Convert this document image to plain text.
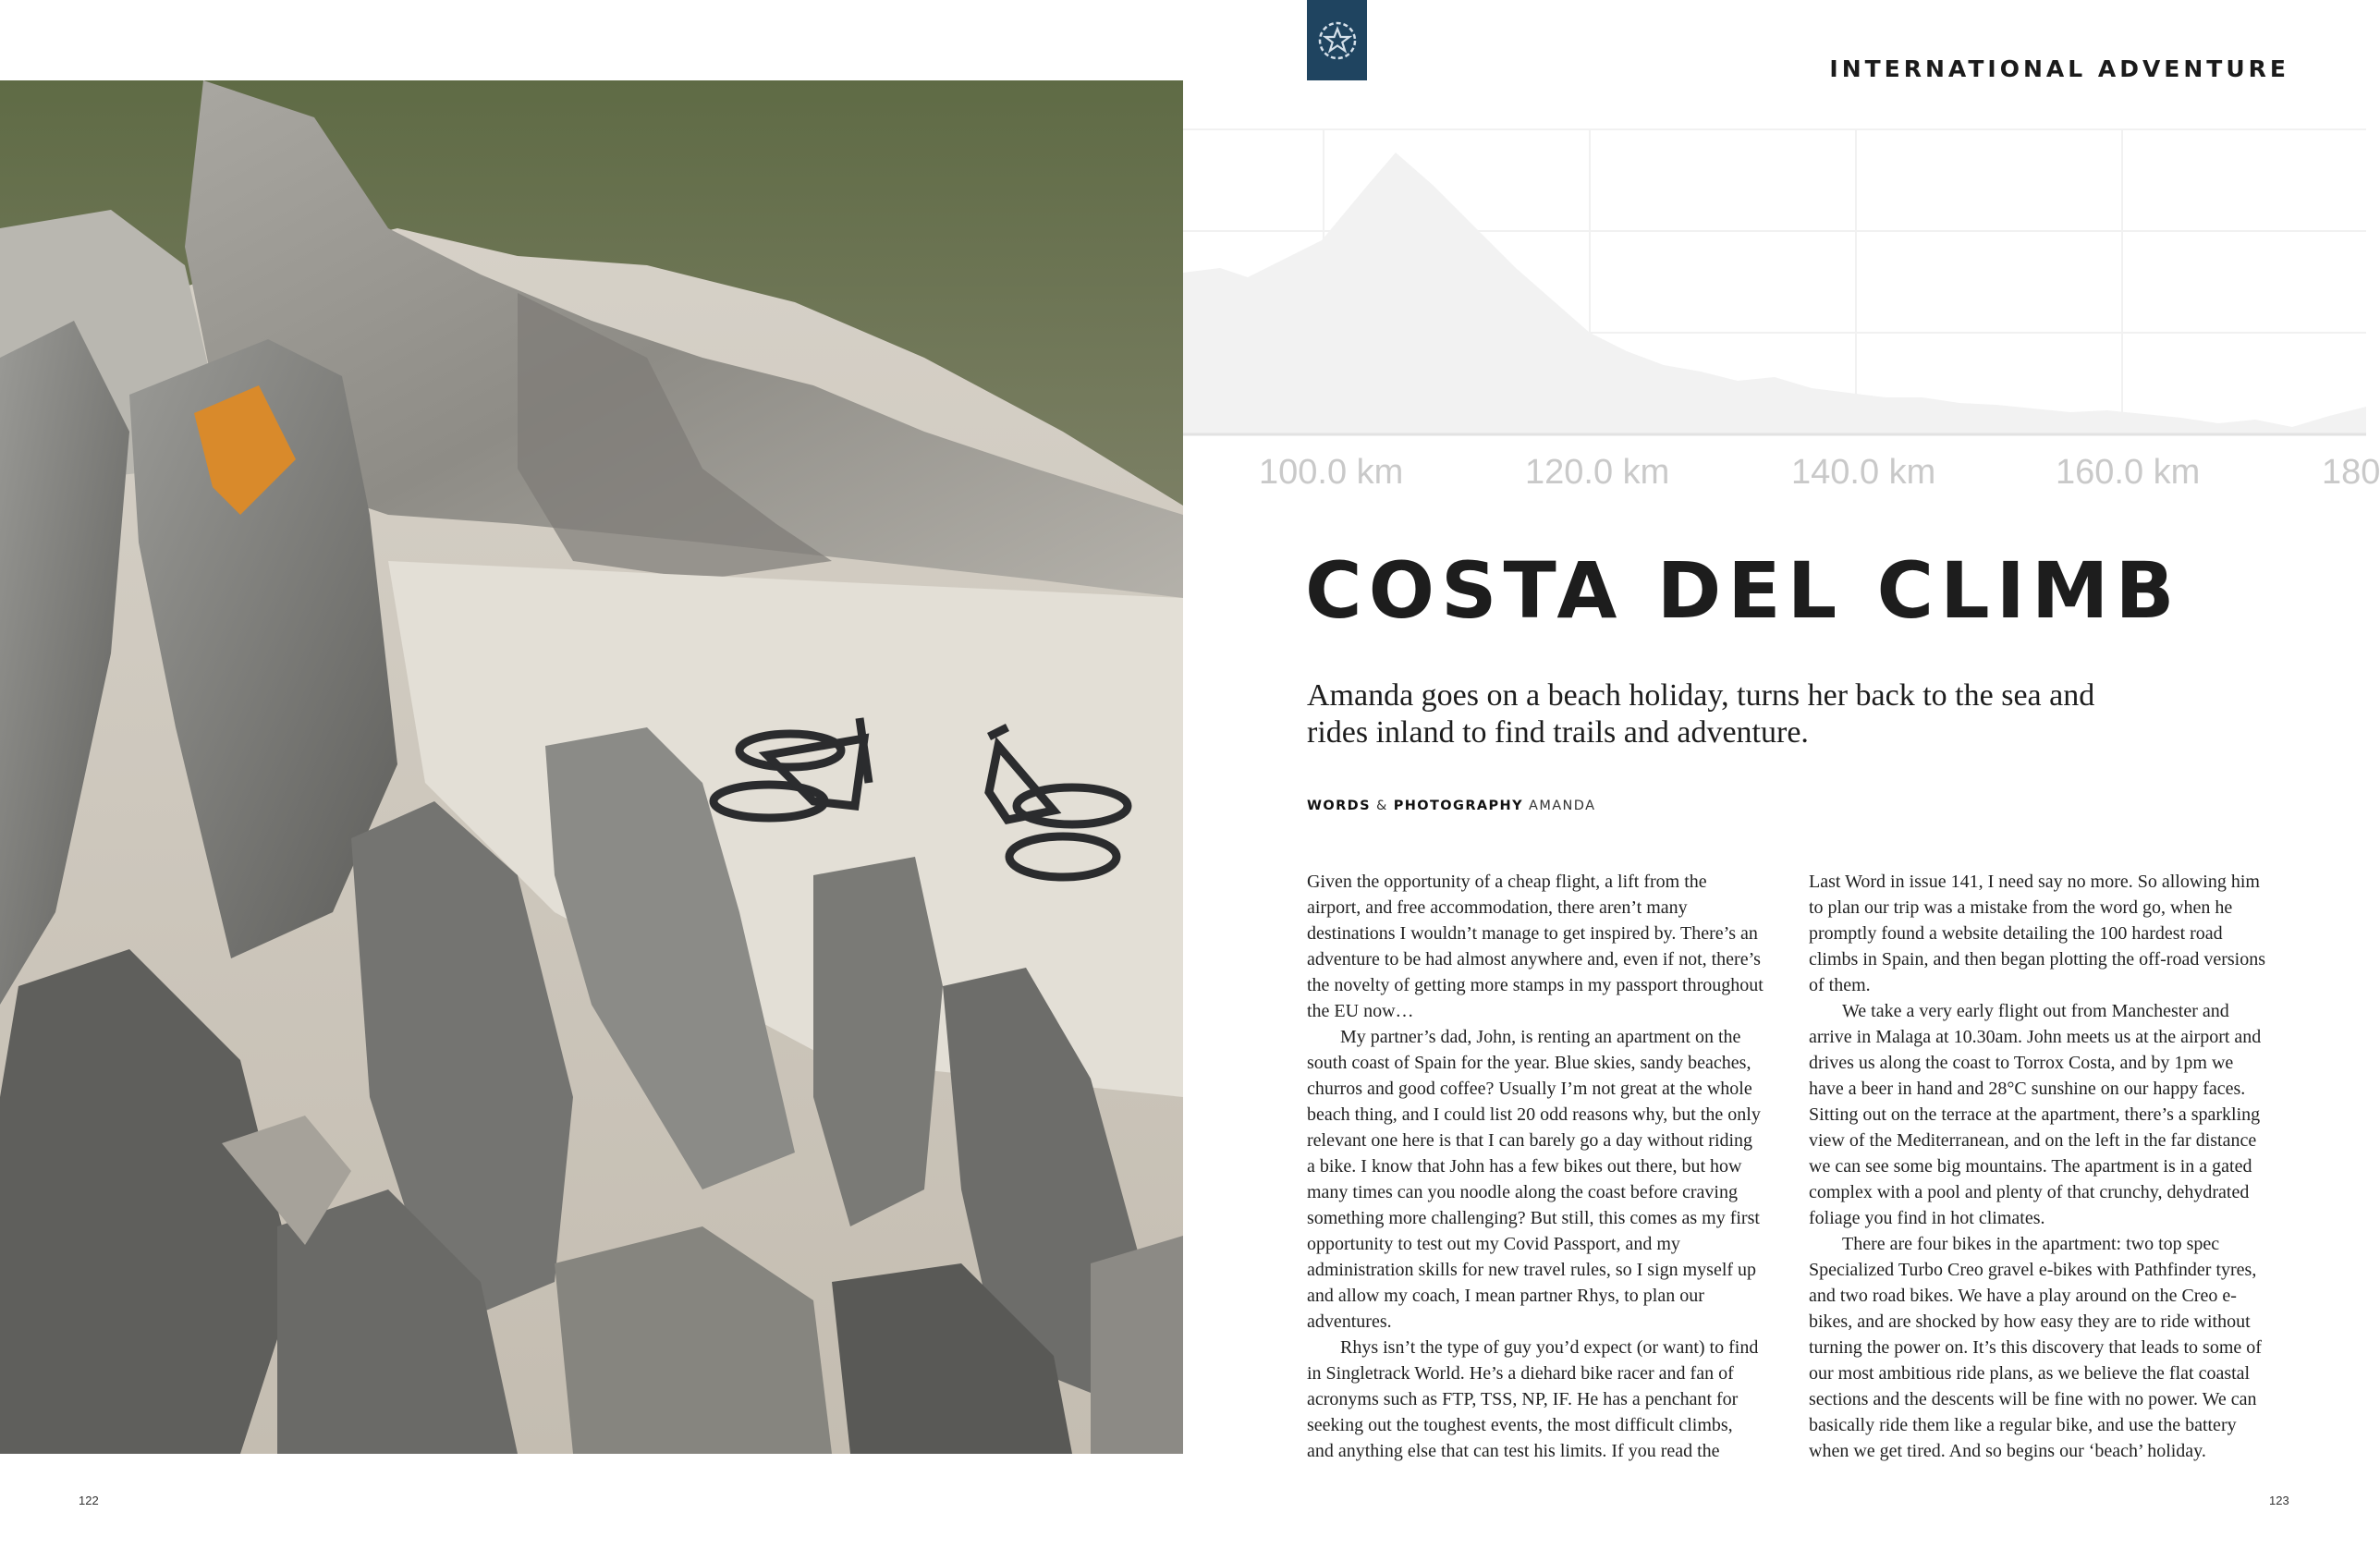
INTERNATIONAL ADVENTURE
100.0 km	120.0 km	140.0 km	160.0 km	180
COSTA DEL CLIMB

Amanda goes on a beach holiday, turns her back to the sea and rides inland to find trails and adventure.

WORDS & PHOTOGRAPHY AMANDA

Given the opportunity of a cheap flight, a lift from the airport, and free accommodation, there aren’t many destinations I wouldn’t manage to get inspired by. There’s an adventure to be had almost anywhere and, even if not, there’s the novelty of getting more stamps in my passport throughout the EU now…

My partner’s dad, John, is renting an apartment on the south coast of Spain for the year. Blue skies, sandy beaches, churros and good coffee? Usually I’m not great at the whole beach thing, and I could list 20 odd reasons why, but the only relevant one here is that I can barely go a day without riding a bike. I know that John has a few bikes out there, but how many times can you noodle along the coast before craving something more challenging? But still, this comes as my first opportunity to test out my Covid Passport, and my administration skills for new travel rules, so I sign myself up and allow my coach, I mean partner Rhys, to plan our adventures.

Rhys isn’t the type of guy you’d expect (or want) to find in Singletrack World. He’s a diehard bike racer and fan of acronyms such as FTP, TSS, NP, IF. He has a penchant for seeking out the toughest events, the most difficult climbs, and anything else that can test his limits. If you read the

Last Word in issue 141, I need say no more. So allowing him to plan our trip was a mistake from the word go, when he promptly found a website detailing the 100 hardest road climbs in Spain, and then began plotting the off-road versions of them.

We take a very early flight out from Manchester and arrive in Malaga at 10.30am. John meets us at the airport and drives us along the coast to Torrox Costa, and by 1pm we have a beer in hand and 28°C sunshine on our happy faces. Sitting out on the terrace at the apartment, there’s a sparkling view of the Mediterranean, and on the left in the far distance we can see some big mountains. The apartment is in a gated complex with a pool and plenty of that crunchy, dehydrated foliage you find in hot climates.

There are four bikes in the apartment: two top spec Specialized Turbo Creo gravel e-bikes with Pathfinder tyres, and two road bikes. We have a play around on the Creo e-bikes, and are shocked by how easy they are to ride without turning the power on. It’s this discovery that leads to some of our most ambitious ride plans, as we believe the flat coastal sections and the descents will be fine with no power. We can basically ride them like a regular bike, and use the battery when we get tired. And so begins our ‘beach’ holiday.

122	123
